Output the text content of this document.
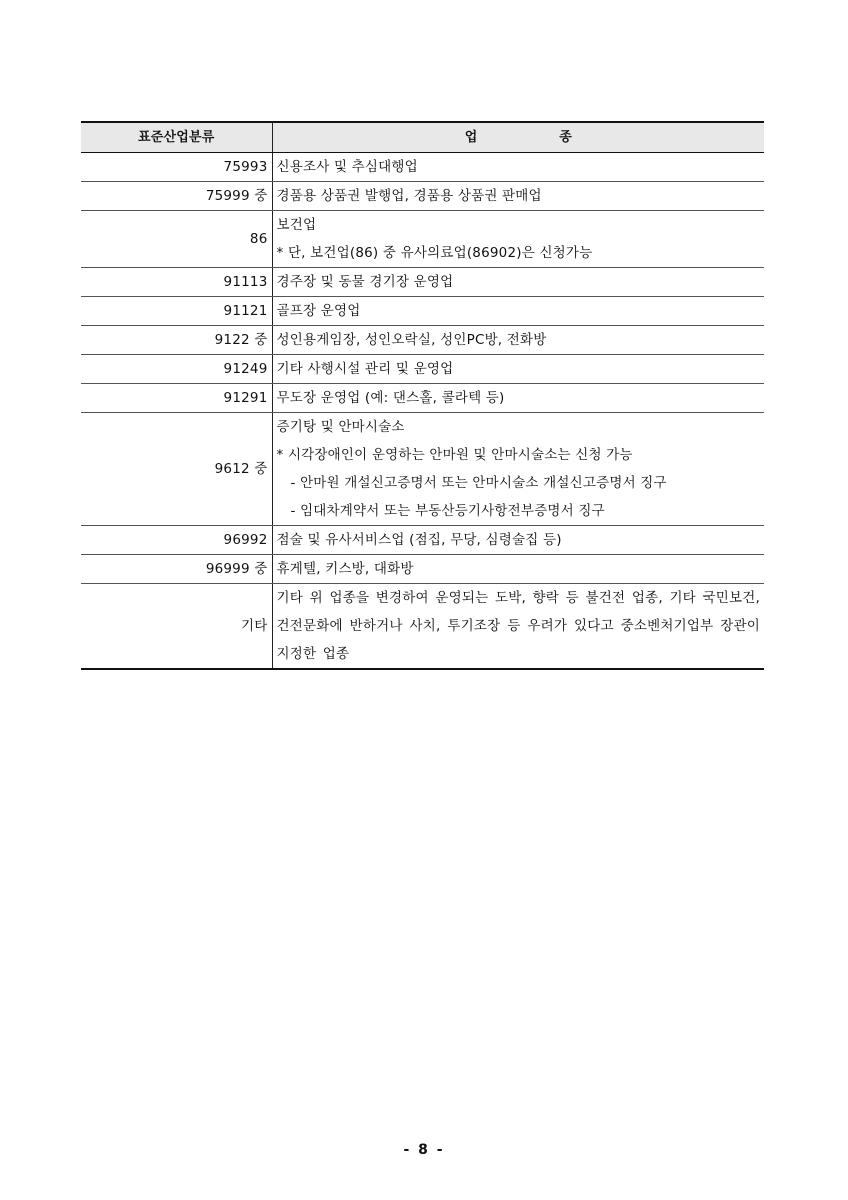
표준산업분류	업 종
75993	신용조사 및 추심대행업
75999 중	경품용 상품권 발행업, 경품용 상품권 판매업
86	보건업
* 단, 보건업(86) 중 유사의료업(86902)은 신청가능

91113	경주장 및 동물 경기장 운영업
91121	골프장 운영업
9122 중	성인용게임장, 성인오락실, 성인PC방, 전화방
91249	기타 사행시설 관리 및 운영업
91291	무도장 운영업 (예: 댄스홀, 콜라텍 등)
9612 중	증기탕 및 안마시술소
* 시각장애인이 운영하는 안마원 및 안마시술소는 신청 가능
- 안마원 개설신고증명서 또는 안마시술소 개설신고증명서 징구
- 임대차계약서 또는 부동산등기사항전부증명서 징구

96992	점술 및 유사서비스업 (점집, 무당, 심령술집 등)
96999 중	휴게텔, 키스방, 대화방
기타	기타 위 업종을 변경하여 운영되는 도박, 향락 등 불건전 업종, 기타 국민보건, 건전문화에 반하거나 사치, 투기조장 등 우려가 있다고 중소벤처기업부 장관이 지정한 업종
- 8 -
